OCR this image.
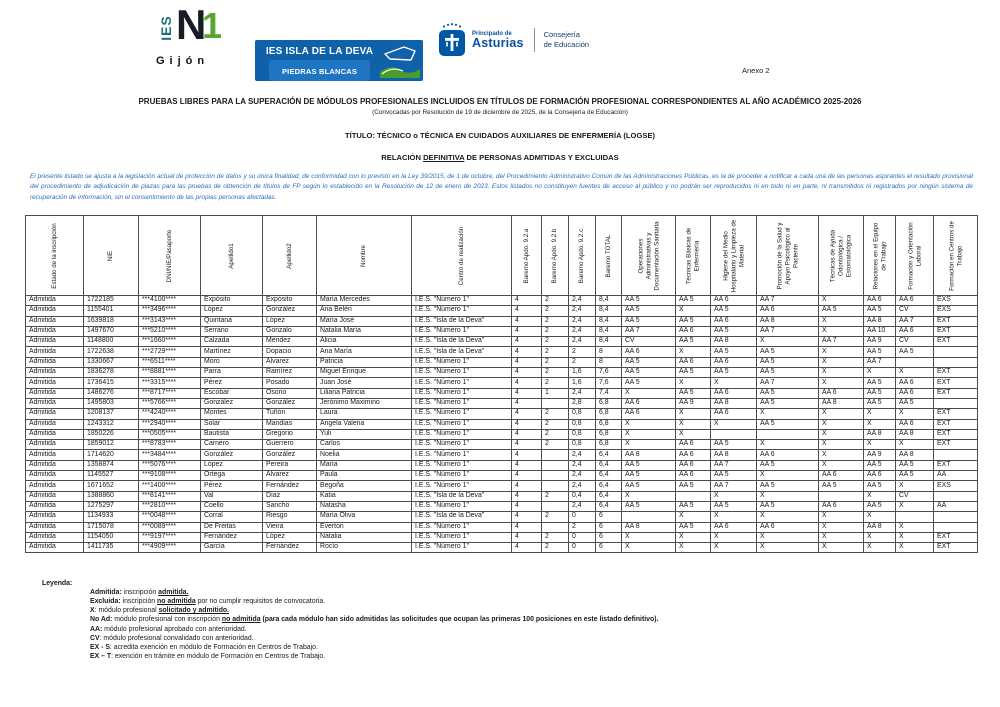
IES N
1
Gijón
IES ISLA DE LA DEVA
PIEDRAS BLANCAS
Principado de
Asturias
Consejería
de Educación
Anexo 2
PRUEBAS LIBRES PARA LA SUPERACIÓN DE MÓDULOS PROFESIONALES INCLUIDOS EN TÍTULOS DE FORMACIÓN PROFESIONAL CORRESPONDIENTES AL AÑO ACADÉMICO 2025-2026
(Convocadas por Resolución de 19 de diciembre de 2025, de la Consejería de Educación)
TÍTULO: TÉCNICO o TÉCNICA EN CUIDADOS AUXILIARES DE ENFERMERÍA (LOGSE)
RELACIÓN DEFINITIVA DE PERSONAS ADMITIDAS Y EXCLUIDAS
El presente listado se ajusta a la legislación actual de protección de datos y su única finalidad, de conformidad con lo previsto en la Ley 39/2015, de 1 de octubre, del Procedimiento Administrativo Común de las Administraciones Públicas, es la de proceder a notificar a cada una de las personas aspirantes el resultado provisional del procedimiento de adjudicación de plazas para las pruebas de obtención de títulos de FP según lo establecido en la Resolución de 12 de enero de 2023. Estos listados no constituyen fuentes de acceso al público y no podrán ser reproducidos ni en todo ni en parte, ni transmitidos ni registrados por ningún sistema de recuperación de información, sin el consentimiento de las propias personas afectadas.
Estado de la inscripción	NIE	DNI/NIE/Pasaporte	Apellido1	Apellido2	Nombre	Centro de realización	Baremo Apdo. 9.2.a	Baremo Apdo. 9.2.b	Baremo Apdo. 9.2.c	Baremo TOTAL	Operaciones Administrativas y Documentación Sanitaria	Técnicas Básicas de Enfermería	Higiene del Medio Hospitalario y Limpieza de Material	Promoción de la Salud y Apoyo Psicológico al Paciente	Técnicas de Ayuda Odontológica / Estomatológica	Relaciones en el Equipo de Trabajo	Formación y Orientación Laboral	Formación en Centros de Trabajo

Admitida	1722185	***4100****	Expósito	Expósito	María Mercedes	I.E.S. "Número 1"	4	2	2,4	8,4	AA 5	AA 5	AA 6	AA 7	X	AA 6	AA 6	EXS
Admitida	1155401	***3496****	López	González	Ana Belén	I.E.S. "Número 1"	4	2	2,4	8,4	AA 5	X	AA 5	AA 6	AA 5	AA 5	CV	EXS
Admitida	1639818	***3143****	Quintana	López	María José	I.E.S. "Isla de la Deva"	4	2	2,4	8,4	AA 5	AA 5	AA 6	AA 8	X	AA 8	AA 7	EXT
Admitida	1497670	***5210****	Serrano	Gonzalo	Natalia María	I.E.S. "Número 1"	4	2	2,4	8,4	AA 7	AA 6	AA 5	AA 7	X	AA 10	AA 6	EXT
Admitida	1148800	***1660****	Calzada	Méndez	Alicia	I.E.S. "Isla de la Deva"	4	2	2,4	8,4	CV	AA 5	AA 8	X	AA 7	AA 9	CV	EXT
Admitida	1722638	***2729****	Martínez	Dopacio	Ana María	I.E.S. "Isla de la Deva"	4	2	2	8	AA 6	X	AA 5	AA 5	X	AA 5	AA 5	
Admitida	1330667	***6511****	Moro	Álvarez	Patricia	I.E.S. "Número 1"	4	2	2	8	AA 5	AA 6	AA 6	AA 5	X	AA 7		
Admitida	1836278	***8881****	Parra	Ramírez	Miguel Enrique	I.E.S. "Número 1"	4	2	1,6	7,6	AA 5	AA 5	AA 5	AA 5	X	X	X	EXT
Admitida	1736415	***3315****	Pérez	Posado	Juan José	I.E.S. "Número 1"	4	2	1,6	7,6	AA 5	X	X	AA 7	X	AA 5	AA 6	EXT
Admitida	1486276	***8717****	Escobar	Osorio	Liliana Patricia	I.E.S. "Número 1"	4	1	2,4	7,4	X	AA 5	AA 6	AA 5	AA 6	AA 5	AA 6	EXT
Admitida	1495803	***5766****	González	González	Jerónimo Maximino	I.E.S. "Número 1"	4		2,8	6,8	AA 6	AA 9	AA 8	AA 5	AA 8	AA 5	AA 5	
Admitida	1208137	***4240****	Montes	Tuñón	Laura	I.E.S. "Número 1"	4	2	0,8	6,8	AA 6	X	AA 6	X	X	X	X	EXT
Admitida	1243312	***2940****	Solar	Mandias	Ángela Valeria	I.E.S. "Número 1"	4	2	0,8	6,8	X	X	X	AA 5	X	X	AA 6	EXT
Admitida	1850226	***0505****	Bautista	Gregorio	Yuli	I.E.S. "Número 1"	4	2	0,8	6,8	X	X			X	AA 8	AA 8	EXT
Admitida	1859012	***8783****	Carnero	Guerrero	Carlos	I.E.S. "Número 1"	4	2	0,8	6,8	X	AA 6	AA 5	X	X	X	X	EXT
Admitida	1714620	***3484****	González	González	Noelia	I.E.S. "Número 1"	4		2,4	6,4	AA 8	AA 6	AA 8	AA 6	X	AA 9	AA 8	
Admitida	1358874	***5076****	López	Pereira	María	I.E.S. "Número 1"	4		2,4	6,4	AA 5	AA 6	AA 7	AA 5	X	AA 5	AA 5	EXT
Admitida	1145527	***9108****	Ortega	Álvarez	Paula	I.E.S. "Número 1"	4		2,4	6,4	AA 5	AA 6	AA 5	X	AA 6	AA 6	AA 5	AA
Admitida	1671652	***1400****	Pérez	Fernández	Begoña	I.E.S. "Número 1"	4		2,4	6,4	AA 5	AA 5	AA 7	AA 5	AA 5	AA 5	X	EXS
Admitida	1388860	***8141****	Val	Díaz	Katia	I.E.S. "Isla de la Deva"	4	2	0,4	6,4	X		X	X		X	CV	
Admitida	1275297	***2810****	Coello	Sancho	Natasha	I.E.S. "Número 1"	4		2,4	6,4	AA 5	AA 5	AA 5	AA 5	AA 6	AA 5	X	AA
Admitida	1134933	***0048****	Corral	Riesgo	María Oliva	I.E.S. "Isla de la Deva"	4	2	0	6		X	X	X	X	X		
Admitida	1715078	***0089****	De Freitas	Vieira	Everton	I.E.S. "Número 1"	4		2	6	AA 8	AA 5	AA 6	AA 6	X	AA 8	X	
Admitida	1154050	***9197****	Fernández	López	Natalia	I.E.S. "Número 1"	4	2	0	6	X	X	X	X	X	X	X	EXT
Admitida	1411735	***4909****	García	Fernández	Rocío	I.E.S. "Número 1"	4	2	0	6	X	X	X	X	X	X	X	EXT
Leyenda:
Admitida: inscripción admitida.
Excluida: inscripción no admitida por no cumplir requisitos de convocatoria.
X: módulo profesional solicitado y admitido.
No Ad: módulo profesional con inscripción no admitida (para cada módulo han sido admitidas las solicitudes que ocupan las primeras 100 posiciones en este listado definitivo).
AA: módulo profesional aprobado con anterioridad.
CV: módulo profesional convalidado con anterioridad.
EX - S: acredita exención en módulo de Formación en Centros de Trabajo.
EX – T: exención en trámite en módulo de Formación en Centros de Trabajo.
